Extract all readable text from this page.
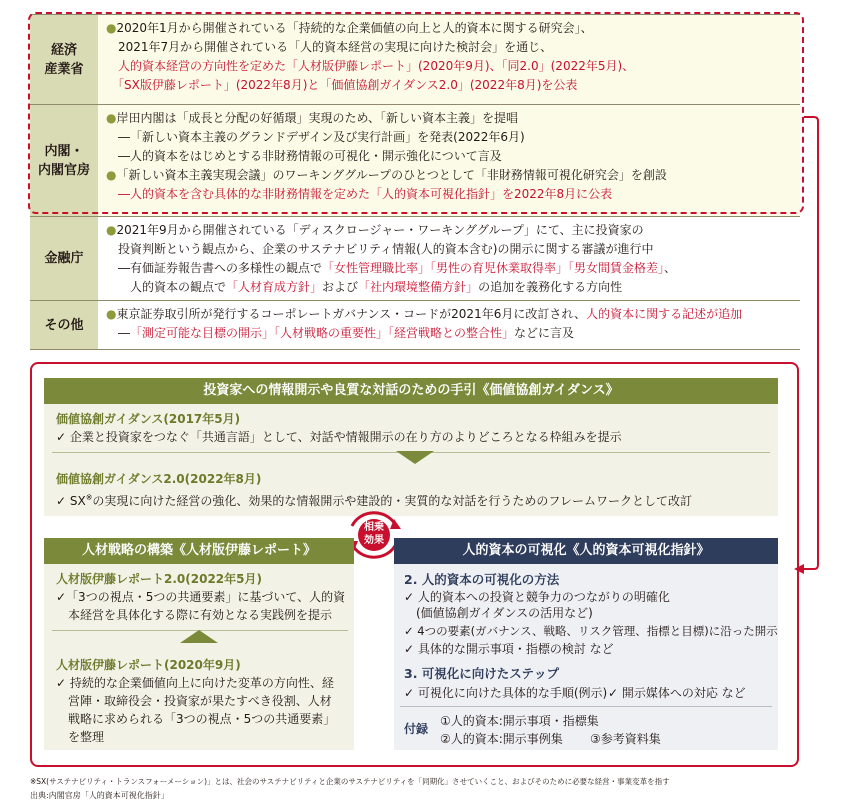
経済
産業省
●2020年1月から開催されている「持続的な企業価値の向上と人的資本に関する研究会」、
　2021年7月から開催されている「人的資本経営の実現に向けた検討会」を通じ、
　人的資本経営の方向性を定めた「人材版伊藤レポート」(2020年9月)、「同2.0」(2022年5月)、
　「SX版伊藤レポート」(2022年8月)と「価値協創ガイダンス2.0」(2022年8月)を公表
内閣・
内閣官房
●岸田内閣は「成長と分配の好循環」実現のため、「新しい資本主義」を提唱
　―「新しい資本主義のグランドデザイン及び実行計画」を発表(2022年6月)
　―人的資本をはじめとする非財務情報の可視化・開示強化について言及
●「新しい資本主義実現会議」のワーキンググループのひとつとして「非財務情報可視化研究会」を創設
　―人的資本を含む具体的な非財務情報を定めた「人的資本可視化指針」を2022年8月に公表
金融庁
●2021年9月から開催されている「ディスクロージャー・ワーキンググループ」にて、主に投資家の
　投資判断という観点から、企業のサステナビリティ情報(人的資本含む)の開示に関する審議が進行中
　―有価証券報告書への多様性の観点で「女性管理職比率」「男性の育児休業取得率」「男女間賃金格差」、
　　人的資本の観点で「人材育成方針」および「社内環境整備方針」の追加を義務化する方向性
その他
●東京証券取引所が発行するコーポレートガバナンス・コードが2021年6月に改訂され、人的資本に関する記述が追加
　―「測定可能な目標の開示」「人材戦略の重要性」「経営戦略との整合性」などに言及
投資家への情報開示や良質な対話のための手引《価値協創ガイダンス》
価値協創ガイダンス(2017年5月)
✓ 企業と投資家をつなぐ「共通言語」として、対話や情報開示の在り方のよりどころとなる枠組みを提示
価値協創ガイダンス2.0(2022年8月)
✓ SX※の実現に向けた経営の強化、効果的な情報開示や建設的・実質的な対話を行うためのフレームワークとして改訂
相乗
効果
人材戦略の構築《人材版伊藤レポート》
人材版伊藤レポート2.0(2022年5月)
✓「3つの視点・5つの共通要素」に基づいて、人的資
　本経営を具体化する際に有効となる実践例を提示
人材版伊藤レポート(2020年9月)
✓ 持続的な企業価値向上に向けた変革の方向性、経
　営陣・取締役会・投資家が果たすべき役割、人材
　戦略に求められる「3つの視点・5つの共通要素」
　を整理
人的資本の可視化《人的資本可視化指針》
2. 人的資本の可視化の方法
✓ 人的資本への投資と競争力のつながりの明確化
　(価値協創ガイダンスの活用など)
✓ 4つの要素(ガバナンス、戦略、リスク管理、指標と目標)に沿った開示
✓ 具体的な開示事項・指標の検討 など
3. 可視化に向けたステップ
✓ 可視化に向けた具体的な手順(例示) ✓ 開示媒体への対応 など
付録
①人的資本:開示事項・指標集
②人的資本:開示事例集 ③参考資料集
※SX(サステナビリティ・トランスフォーメーション)」とは、社会のサステナビリティと企業のサステナビリティを「同期化」させていくこと、およびそのために必要な経営・事業変革を指す
出典:内閣官房「人的資本可視化指針」
